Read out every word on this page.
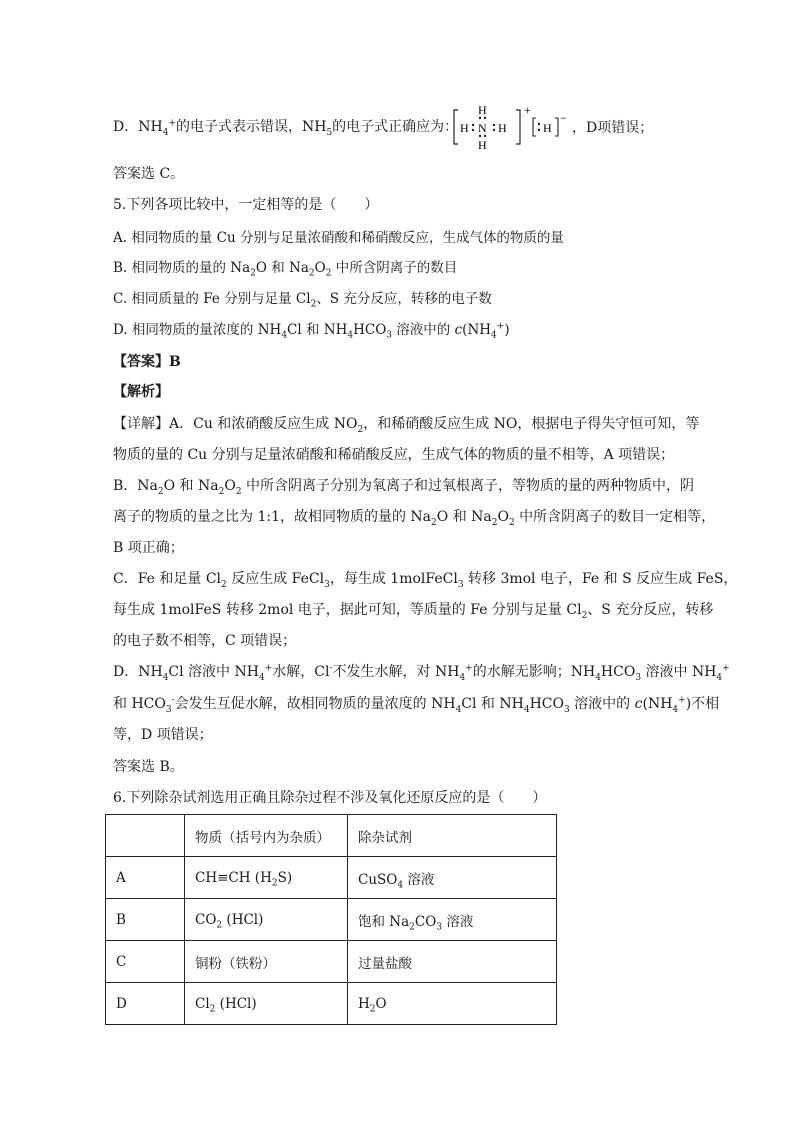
D．$NH_4^+$的电子式表示错误，$NH_5$的电子式正确应为：
H
H N H
H
+
H
−
，D项错误；
答案选 C。
5.下列各项比较中，一定相等的是（　　）
A. 相同物质的量 Cu 分别与足量浓硝酸和稀硝酸反应，生成气体的物质的量
B. 相同物质的量的 $Na_2O$ 和 $Na_2O_2$ 中所含阴离子的数目
C. 相同质量的 Fe 分别与足量 $Cl_2$、S 充分反应，转移的电子数
D. 相同物质的量浓度的 $NH_4Cl$ 和 $NH_4HCO_3$ 溶液中的 $c(NH_4^+)$
【答案】B
【解析】
【详解】A．Cu 和浓硝酸反应生成 $NO_2$，和稀硝酸反应生成 NO，根据电子得失守恒可知，等
物质的量的 Cu 分别与足量浓硝酸和稀硝酸反应，生成气体的物质的量不相等，A 项错误；
B．$Na_2O$ 和 $Na_2O_2$ 中所含阴离子分别为氧离子和过氧根离子，等物质的量的两种物质中，阴
离子的物质的量之比为 1:1，故相同物质的量的 $Na_2O$ 和 $Na_2O_2$ 中所含阴离子的数目一定相等，
B 项正确；
C．Fe 和足量 $Cl_2$ 反应生成 FeCl$_3$，每生成 1molFeCl$_3$ 转移 3mol 电子，Fe 和 S 反应生成 FeS，
每生成 1molFeS 转移 2mol 电子，据此可知，等质量的 Fe 分别与足量 $Cl_2$、S 充分反应，转移
的电子数不相等，C 项错误；
D．$NH_4Cl$ 溶液中 $NH_4^+$水解，Cl-不发生水解，对 $NH_4^+$的水解无影响；$NH_4HCO_3$ 溶液中 $NH_4^+$
和 $HCO_3^-$会发生互促水解，故相同物质的量浓度的 $NH_4Cl$ 和 $NH_4HCO_3$ 溶液中的 $c(NH_4^+)$不相
等，D 项错误；
答案选 B。
6.下列除杂试剂选用正确且除杂过程不涉及氧化还原反应的是（　　）
	物质（括号内为杂质）	除杂试剂
A	CH≡CH $(H_2S)$	CuSO$_4$ 溶液
B	$CO_2$ (HCl)	饱和 $Na_2CO_3$ 溶液
C	铜粉（铁粉）	过量盐酸
D	$Cl_2$ (HCl)	$H_2O$
